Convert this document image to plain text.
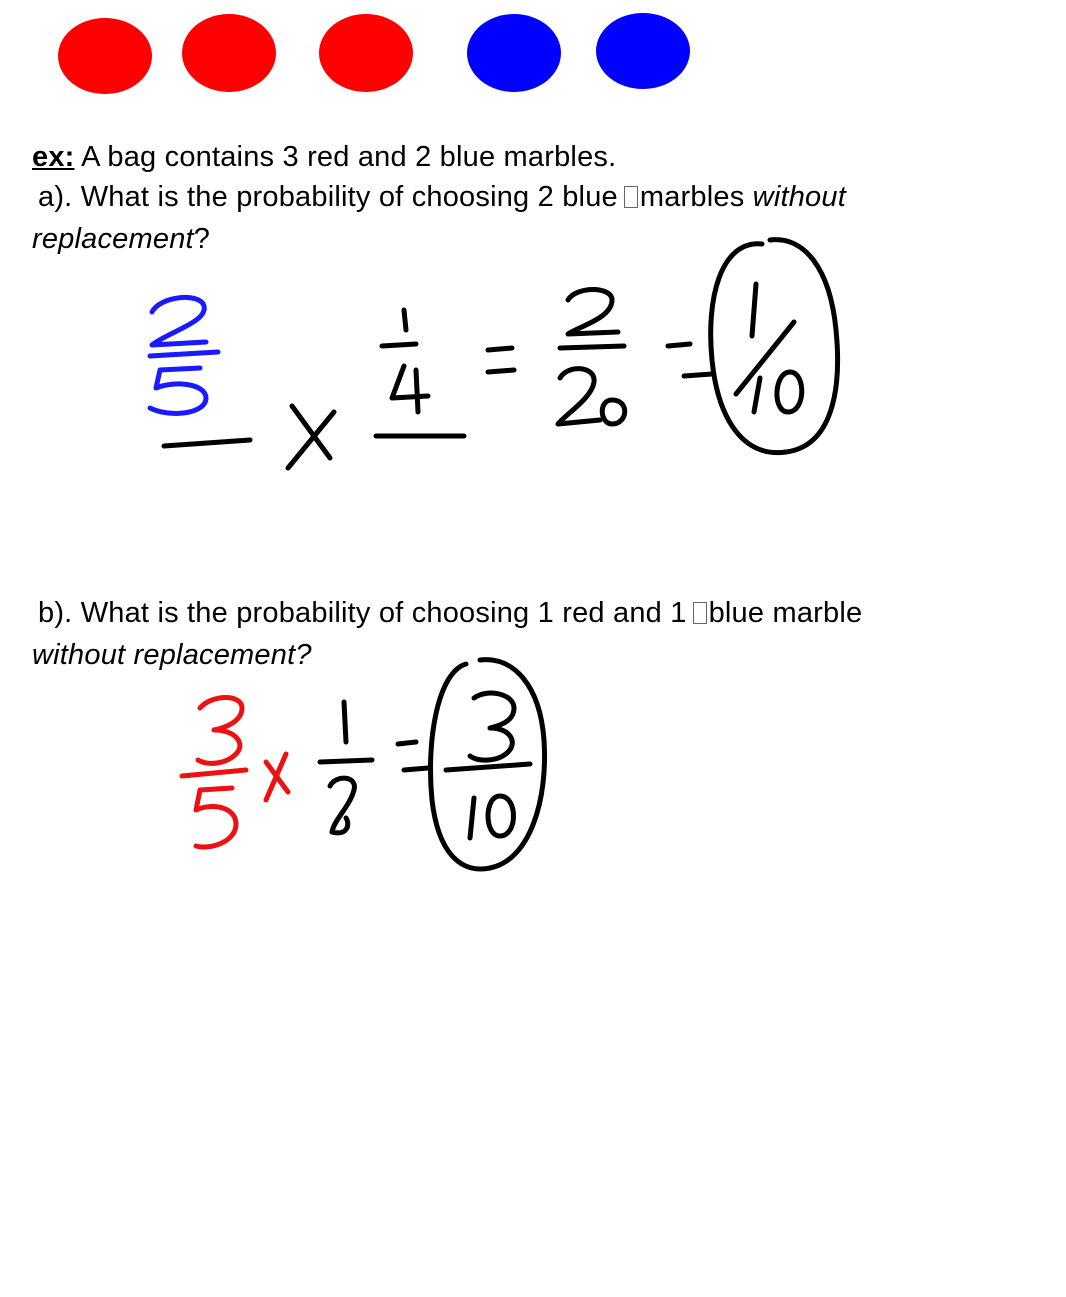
ex: A bag contains 3 red and 2 blue marbles.
a). What is the probability of choosing 2 blue marbles without
replacement?
b). What is the probability of choosing 1 red and 1 blue marble
without replacement?
